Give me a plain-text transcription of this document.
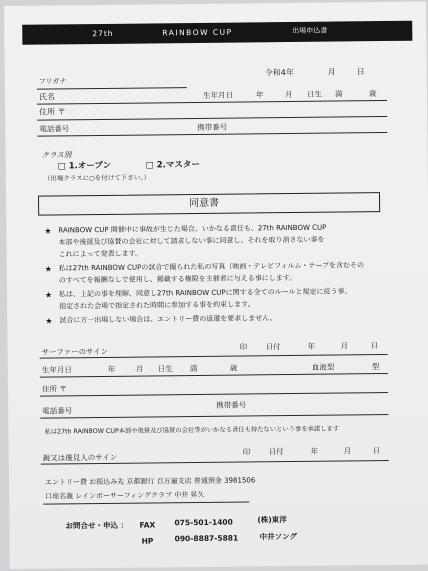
27th	RAINBOW CUP	出場申込書
令和4年	月	日
フリガナ
氏名	生年月日	年	月 日生 満	歳
住所 〒
電話番号	携帯番号
クラス別
□ 1.オープン	□ 2.マスター
（出場クラスに○を付けて下さい。）
同意書
★ RAINBOW CUP 開催中に事故が生じた場合、いかなる責任も、27th RAINBOW CUP
本部や後援及び協賛の会社に対して請求しない事に同意し、それを取り消さない事を
これによって発表します。
★ 私は27th RAINBOW CUPの試合で撮られた私の写真（映画・テレビフィルム・テープを含むその
のすべてを報酬なしで使用し、掲載する権限を主催者に与える事にします。
★ 私は、上記の事を理解、同意し27th RAINBOW CUPに関する全てのルールと規定に従う事、
指定された会場で指定された時間に参加する事を約束します。
★ 試合に万一出場しない場合は、エントリー費の返還を要求しません。
サーファーのサイン	印 日付	年	月	日
生年月日	年	月 日生 満	歳	血液型	型
住所 〒
電話番号
携帯番号
私は27th RAINBOW CUP本部や後援及び協賛の会社等がいかなる責任も持たないという事を承諾します
親又は後見人のサイン
印 日付	年	月	日
エントリー費 お振込み先 京都銀行 百万遍支店 普通預金 3981506
口座名義 レインボーサーフィングクラブ 中井 昇久
お問合せ・申込 ： FAX	075-501-1400
HP	090-8887-5881
(株)東洋
中井ソング
